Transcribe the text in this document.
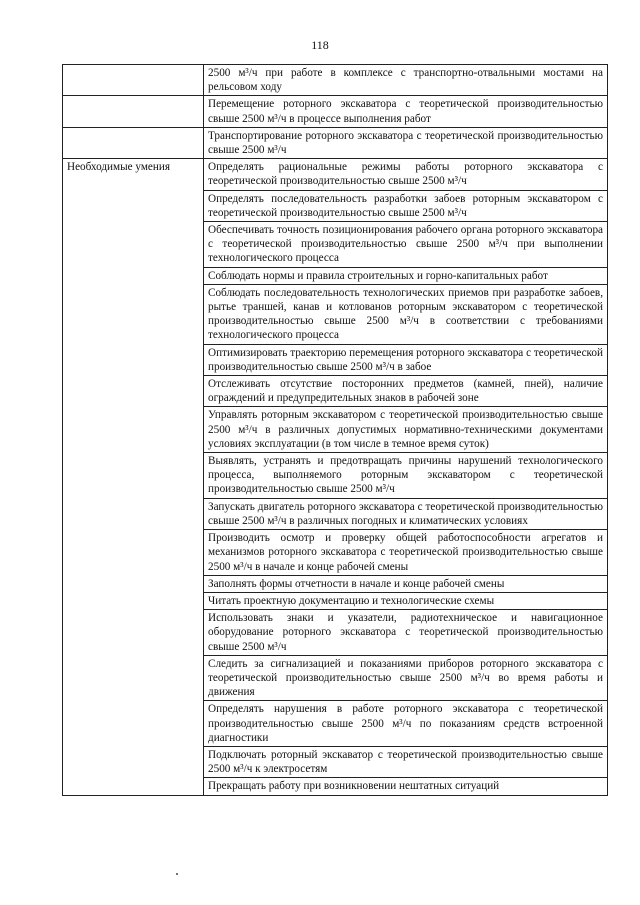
118
	2500 м³/ч при работе в комплексе с транспортно-отвальными мостами на рельсовом ходу
	Перемещение роторного экскаватора с теоретической производительностью свыше 2500 м³/ч в процессе выполнения работ
	Транспортирование роторного экскаватора с теоретической производительностью свыше 2500 м³/ч
Необходимые умения	Определять рациональные режимы работы роторного экскаватора с теоретической производительностью свыше 2500 м³/ч
	Определять последовательность разработки забоев роторным экскаватором с теоретической производительностью свыше 2500 м³/ч
	Обеспечивать точность позиционирования рабочего органа роторного экскаватора с теоретической производительностью свыше 2500 м³/ч при выполнении технологического процесса
	Соблюдать нормы и правила строительных и горно-капитальных работ
	Соблюдать последовательность технологических приемов при разработке забоев, рытье траншей, канав и котлованов роторным экскаватором с теоретической производительностью свыше 2500 м³/ч в соответствии с требованиями технологического процесса
	Оптимизировать траекторию перемещения роторного экскаватора с теоретической производительностью свыше 2500 м³/ч в забое
	Отслеживать отсутствие посторонних предметов (камней, пней), наличие ограждений и предупредительных знаков в рабочей зоне
	Управлять роторным экскаватором с теоретической производительностью свыше 2500 м³/ч в различных допустимых нормативно-техническими документами условиях эксплуатации (в том числе в темное время суток)
	Выявлять, устранять и предотвращать причины нарушений технологического процесса, выполняемого роторным экскаватором с теоретической производительностью свыше 2500 м³/ч
	Запускать двигатель роторного экскаватора с теоретической производительностью свыше 2500 м³/ч в различных погодных и климатических условиях
	Производить осмотр и проверку общей работоспособности агрегатов и механизмов роторного экскаватора с теоретической производительностью свыше 2500 м³/ч в начале и конце рабочей смены
	Заполнять формы отчетности в начале и конце рабочей смены
	Читать проектную документацию и технологические схемы
	Использовать знаки и указатели, радиотехническое и навигационное оборудование роторного экскаватора с теоретической производительностью свыше 2500 м³/ч
	Следить за сигнализацией и показаниями приборов роторного экскаватора с теоретической производительностью свыше 2500 м³/ч во время работы и движения
	Определять нарушения в работе роторного экскаватора с теоретической производительностью свыше 2500 м³/ч по показаниям средств встроенной диагностики
	Подключать роторный экскаватор с теоретической производительностью свыше 2500 м³/ч к электросетям
	Прекращать работу при возникновении нештатных ситуаций
